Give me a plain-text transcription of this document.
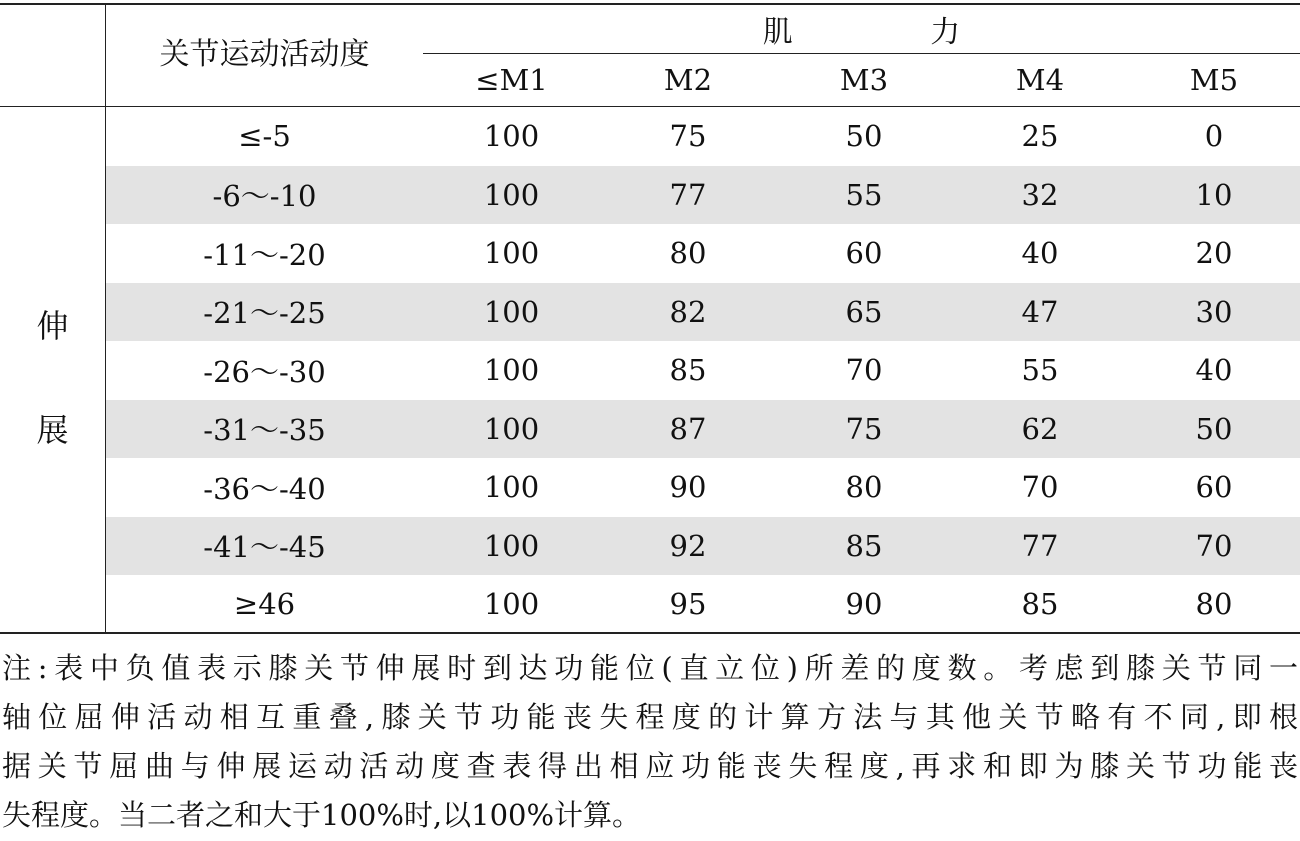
关节运动活动度
肌 力
≤M1	M2	M3	M4	M5
伸
展
≤-5	100	75	50	25	0
-6～-10	100	77	55	32	10
-11～-20	100	80	60	40	20
-21～-25	100	82	65	47	30
-26～-30	100	85	70	55	40
-31～-35	100	87	75	62	50
-36～-40	100	90	80	70	60
-41～-45	100	92	85	77	70
≥46	100	95	90	85	80

注:表中负值表示膝关节伸展时到达功能位(直立位)所差的度数。考虑到膝关节同一

轴位屈伸活动相互重叠,膝关节功能丧失程度的计算方法与其他关节略有不同,即根

据关节屈曲与伸展运动活动度查表得出相应功能丧失程度,再求和即为膝关节功能丧

失程度。当二者之和大于100%时,以100%计算。
